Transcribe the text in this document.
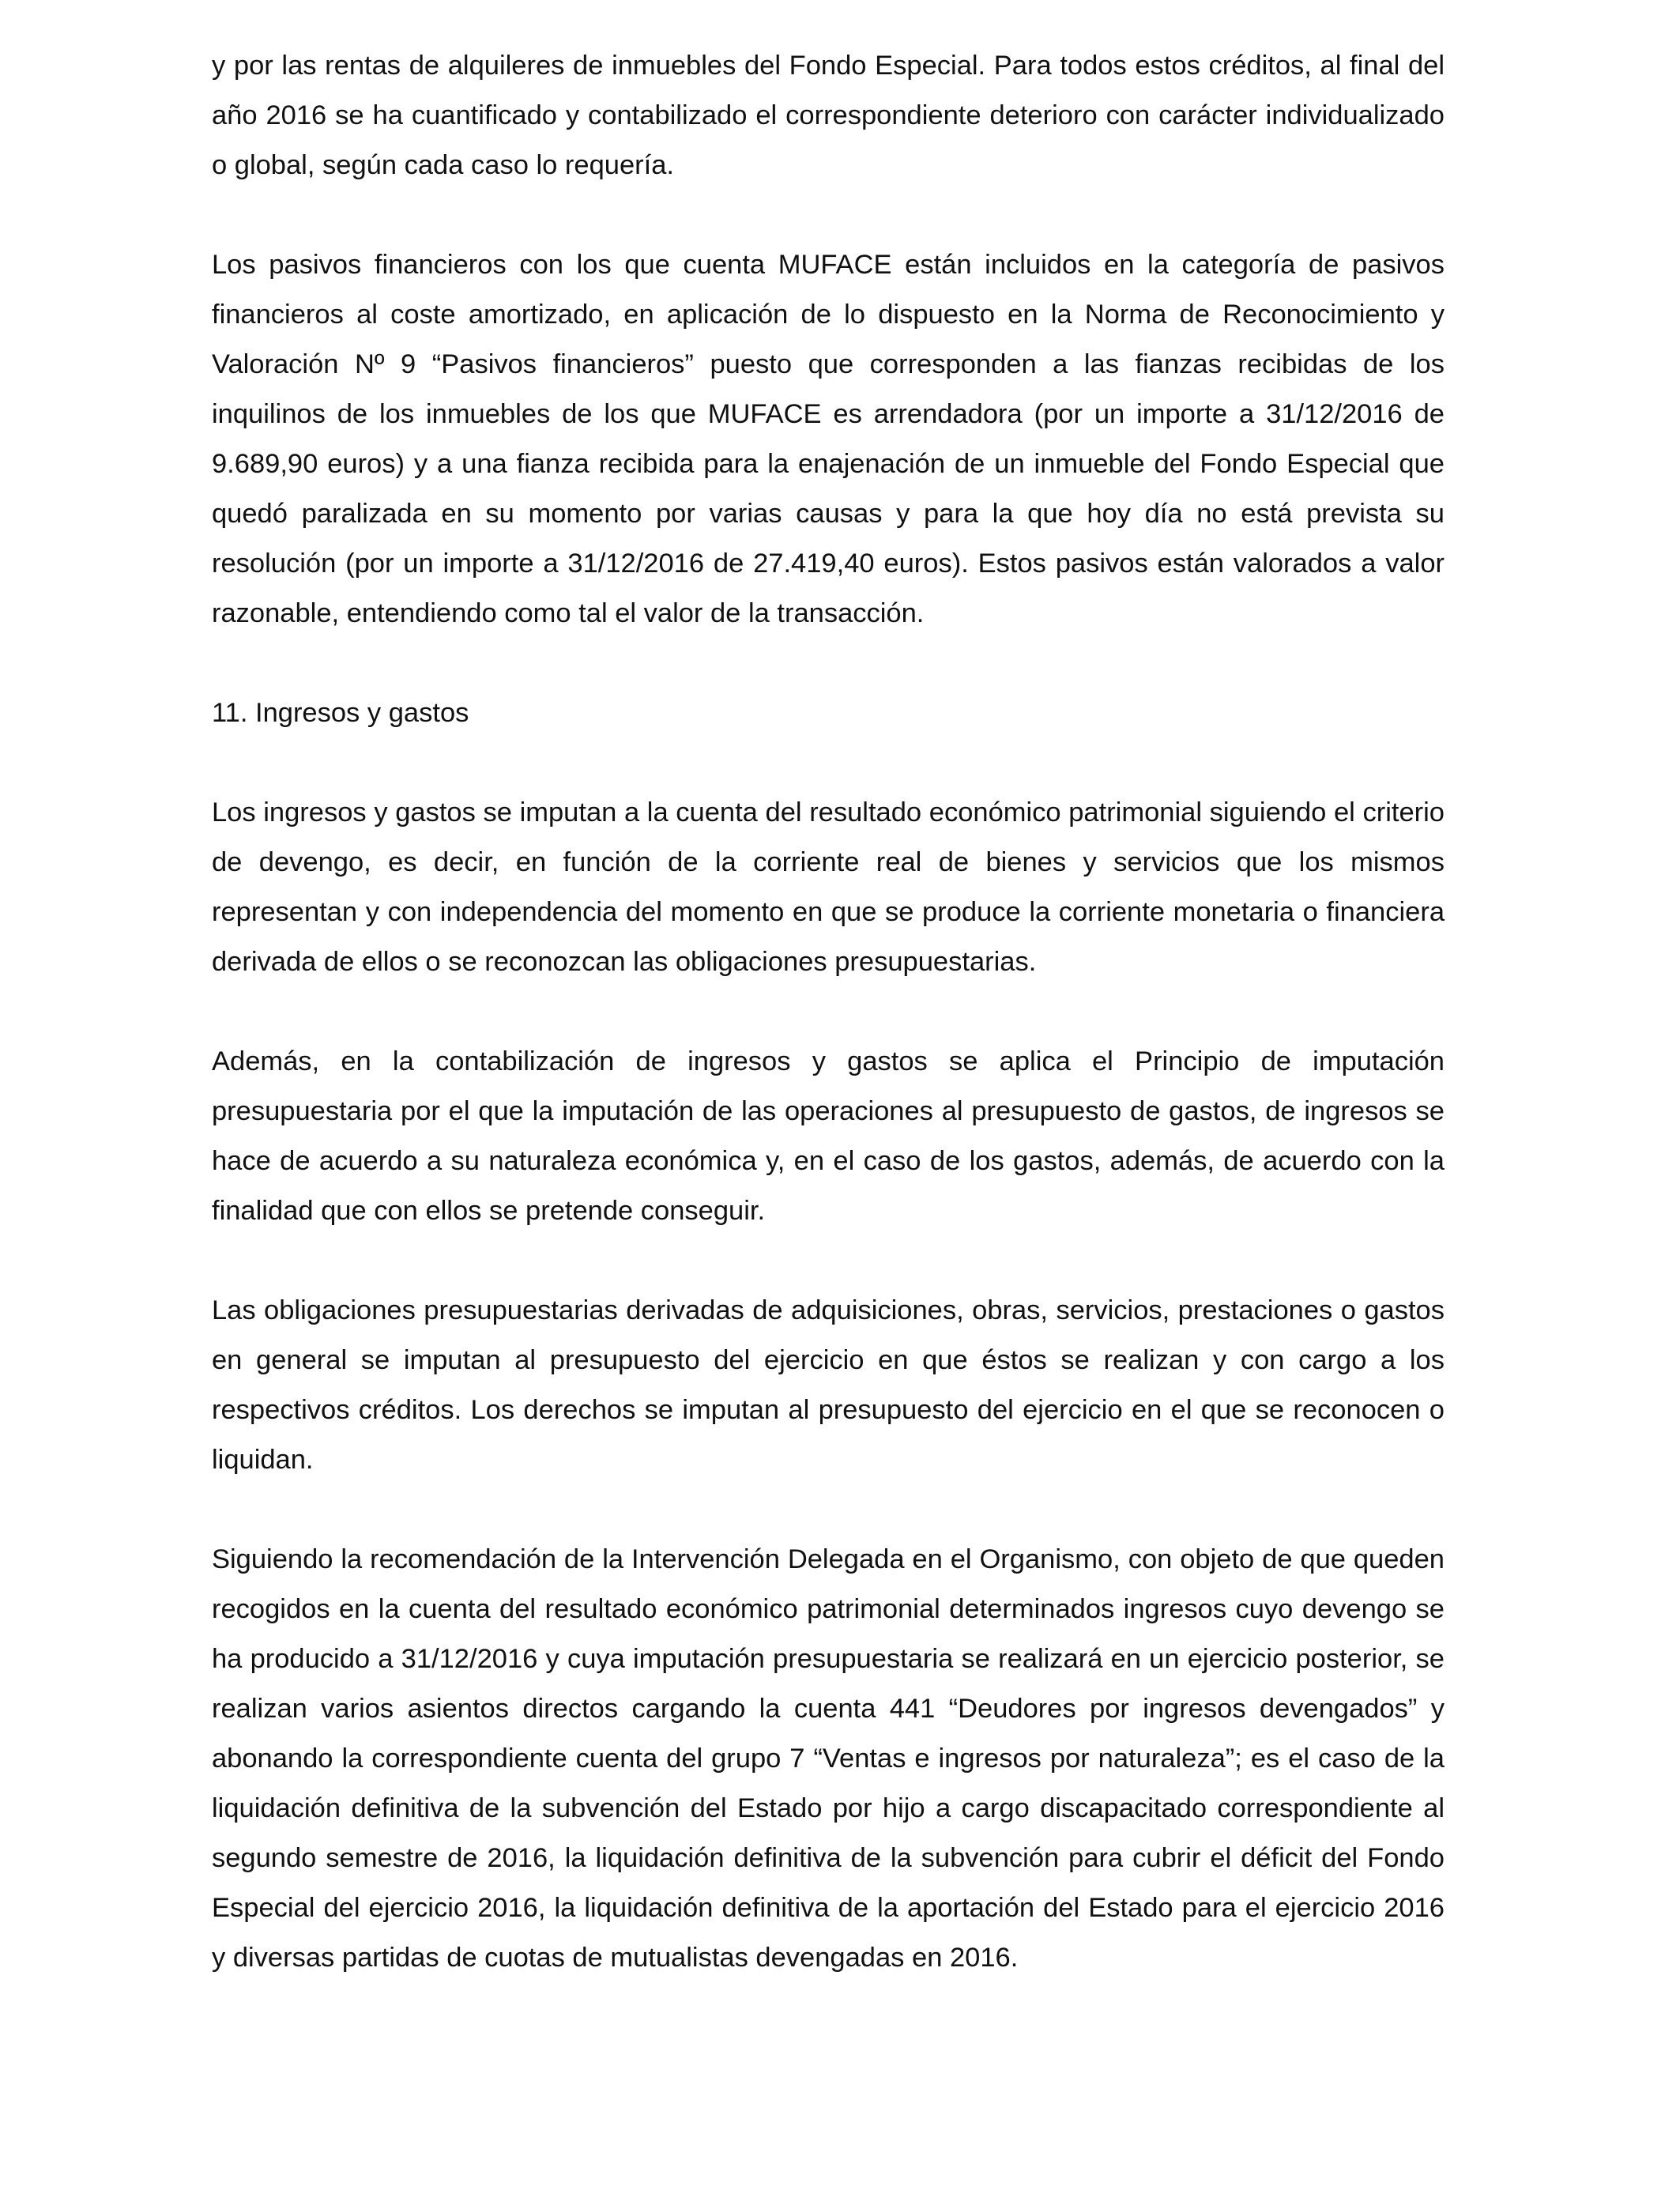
y por las rentas de alquileres de inmuebles del Fondo Especial. Para todos estos créditos, al final del año 2016 se ha cuantificado y contabilizado el correspondiente deterioro con carácter individualizado o global, según cada caso lo requería.

Los pasivos financieros con los que cuenta MUFACE están incluidos en la categoría de pasivos financieros al coste amortizado, en aplicación de lo dispuesto en la Norma de Reconocimiento y Valoración Nº 9 “Pasivos financieros” puesto que corresponden a las fianzas recibidas de los inquilinos de los inmuebles de los que MUFACE es arrendadora (por un importe a 31/12/2016 de 9.689,90 euros) y a una fianza recibida para la enajenación de un inmueble del Fondo Especial que quedó paralizada en su momento por varias causas y para la que hoy día no está prevista su resolución (por un importe a 31/12/2016 de 27.419,40 euros). Estos pasivos están valorados a valor razonable, entendiendo como tal el valor de la transacción.

11. Ingresos y gastos

Los ingresos y gastos se imputan a la cuenta del resultado económico patrimonial siguiendo el criterio de devengo, es decir, en función de la corriente real de bienes y servicios que los mismos representan y con independencia del momento en que se produce la corriente monetaria o financiera derivada de ellos o se reconozcan las obligaciones presupuestarias.

Además, en la contabilización de ingresos y gastos se aplica el Principio de imputación presupuestaria por el que la imputación de las operaciones al presupuesto de gastos, de ingresos se hace de acuerdo a su naturaleza económica y, en el caso de los gastos, además, de acuerdo con la finalidad que con ellos se pretende conseguir.

Las obligaciones presupuestarias derivadas de adquisiciones, obras, servicios, prestaciones o gastos en general se imputan al presupuesto del ejercicio en que éstos se realizan y con cargo a los respectivos créditos. Los derechos se imputan al presupuesto del ejercicio en el que se reconocen o liquidan.

Siguiendo la recomendación de la Intervención Delegada en el Organismo, con objeto de que queden recogidos en la cuenta del resultado económico patrimonial determinados ingresos cuyo devengo se ha producido a 31/12/2016 y cuya imputación presupuestaria se realizará en un ejercicio posterior, se realizan varios asientos directos cargando la cuenta 441 “Deudores por ingresos devengados” y abonando la correspondiente cuenta del grupo 7 “Ventas e ingresos por naturaleza”; es el caso de la liquidación definitiva de la subvención del Estado por hijo a cargo discapacitado correspondiente al segundo semestre de 2016, la liquidación definitiva de la subvención para cubrir el déficit del Fondo Especial del ejercicio 2016, la liquidación definitiva de la aportación del Estado para el ejercicio 2016 y diversas partidas de cuotas de mutualistas devengadas en 2016.
